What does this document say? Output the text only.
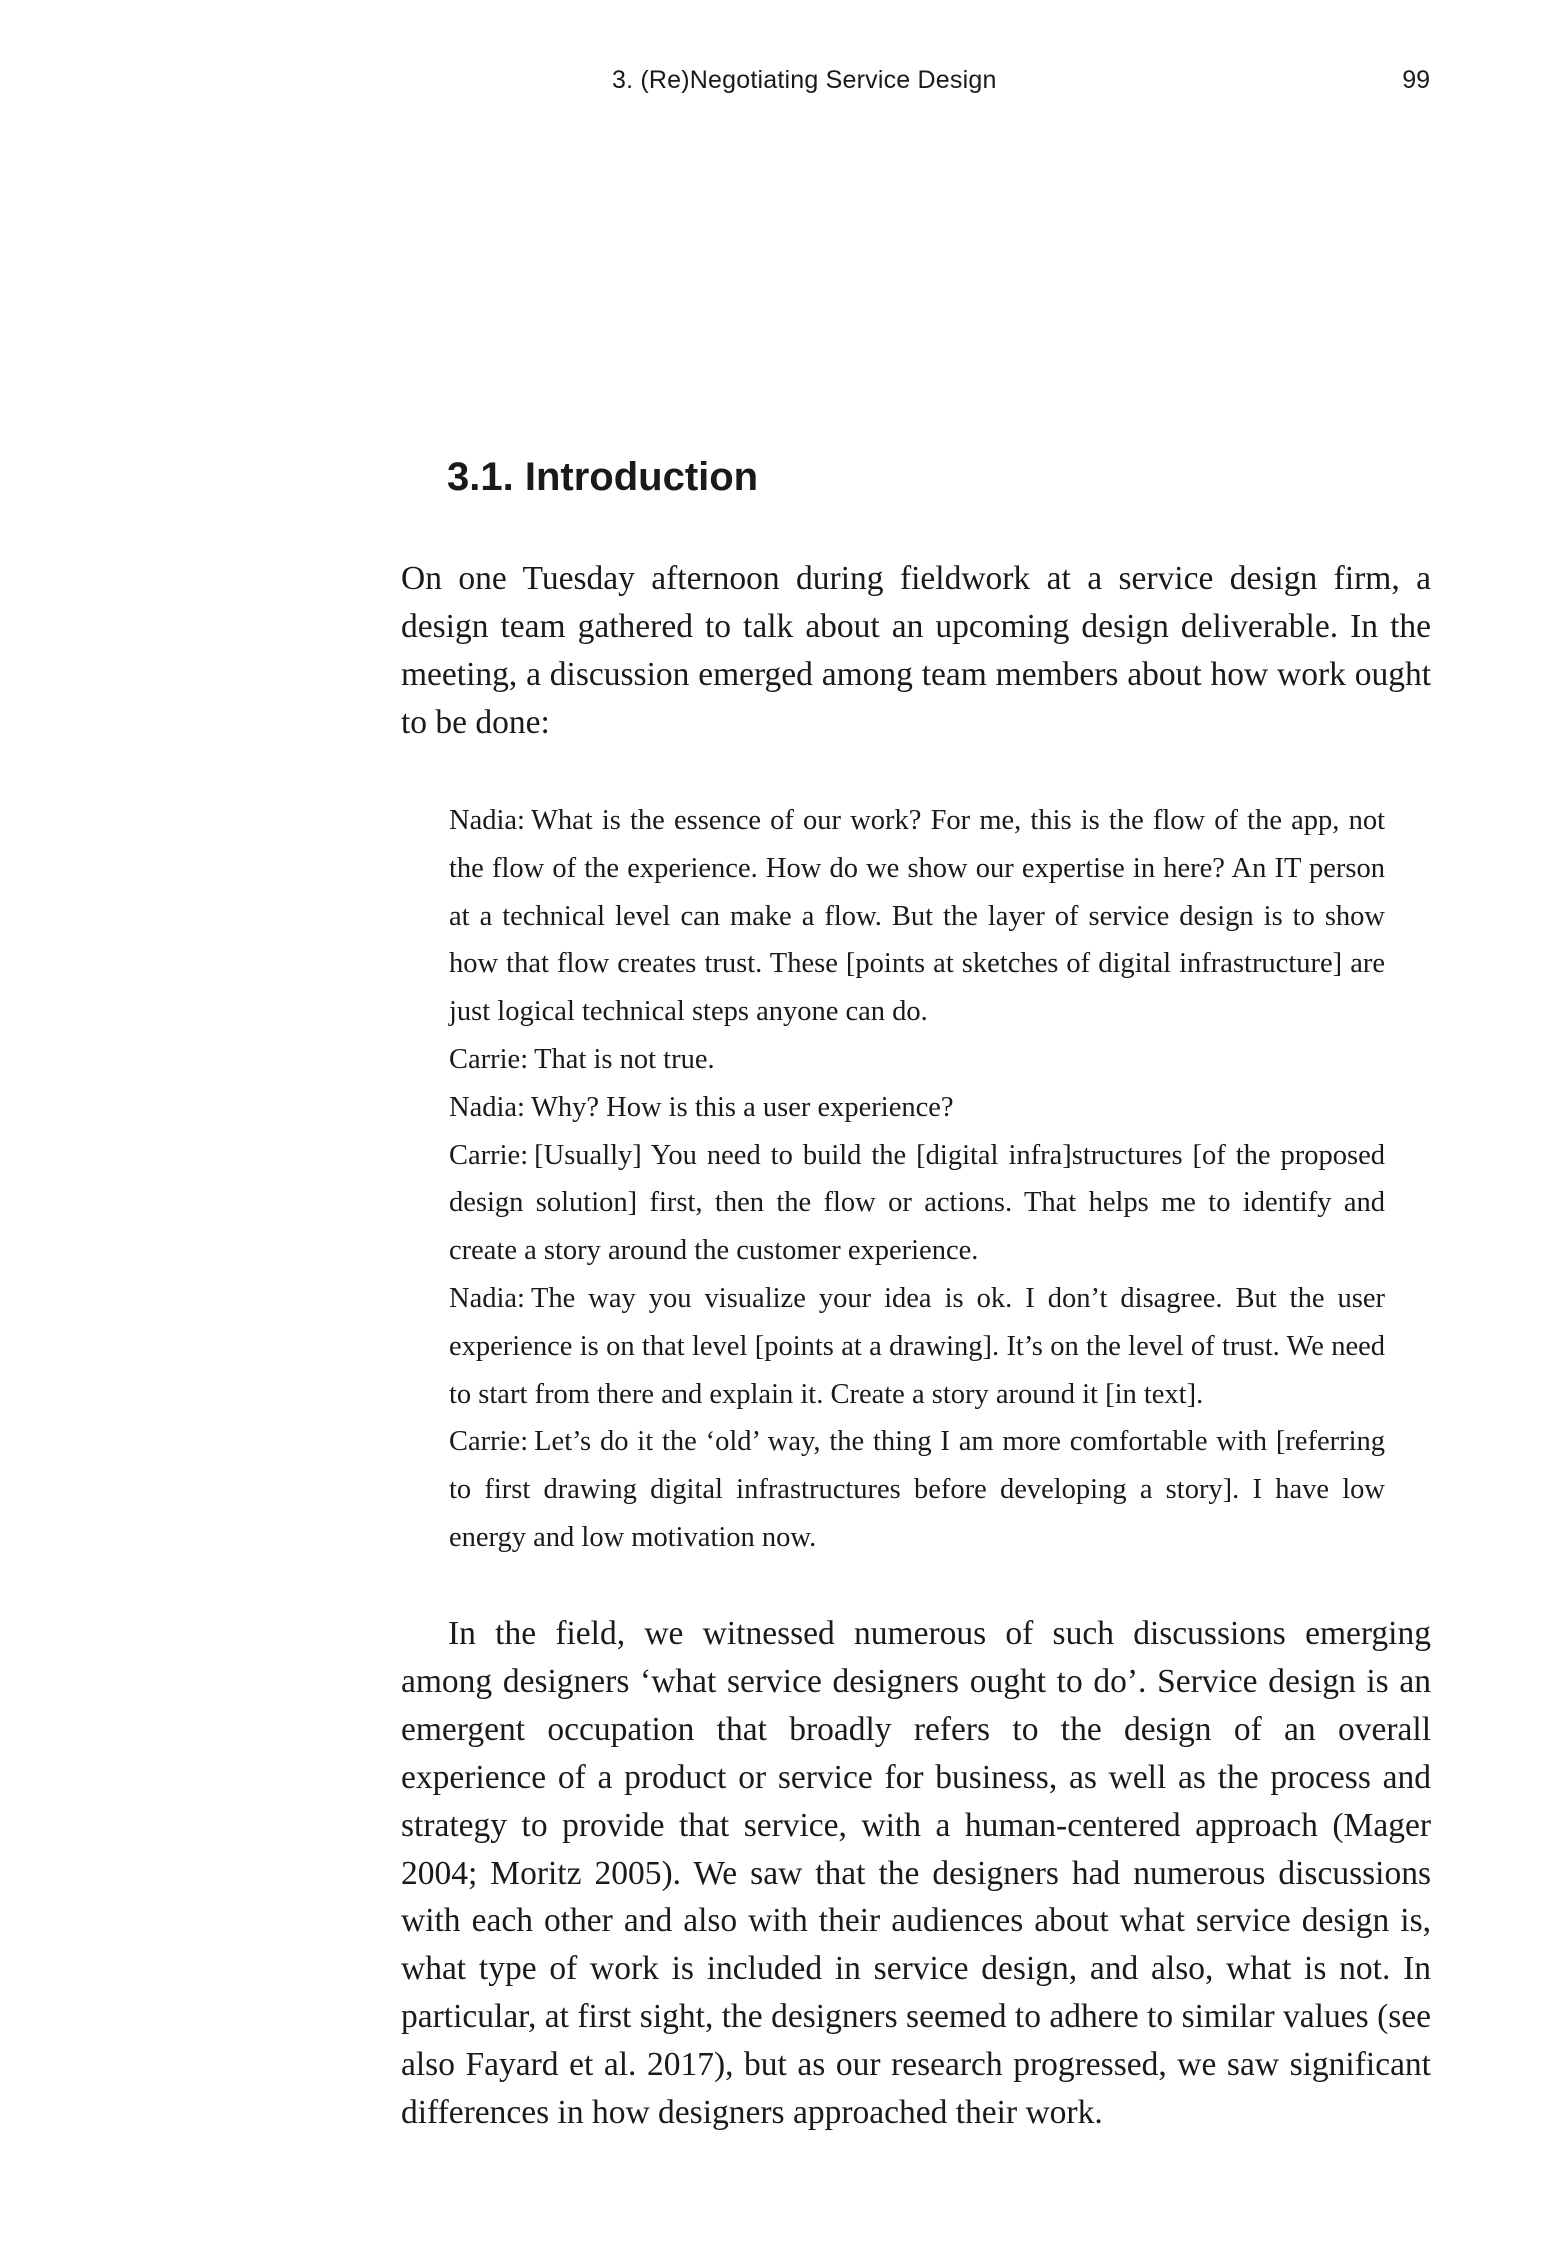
3. (Re)Negotiating Service Design	99
3.1. Introduction

On one Tuesday afternoon during fieldwork at a service design firm, a design team gathered to talk about an upcoming design deliverable. In the meeting, a discussion emerged among team members about how work ought to be done:

Nadia: What is the essence of our work? For me, this is the flow of the app, not the flow of the experience. How do we show our expertise in here? An IT person at a technical level can make a flow. But the layer of service design is to show how that flow creates trust. These [points at sketches of digital infrastructure] are just logical technical steps anyone can do.

Carrie: That is not true.

Nadia: Why? How is this a user experience?

Carrie: [Usually] You need to build the [digital infra]structures [of the proposed design solution] first, then the flow or actions. That helps me to identify and create a story around the customer experience.

Nadia: The way you visualize your idea is ok. I don’t disagree. But the user experience is on that level [points at a drawing]. It’s on the level of trust. We need to start from there and explain it. Create a story around it [in text].

Carrie: Let’s do it the ‘old’ way, the thing I am more comfortable with [referring to first drawing digital infrastructures before developing a story]. I have low energy and low motivation now.

In the field, we witnessed numerous of such discussions emerging among designers ‘what service designers ought to do’. Service design is an emergent occupation that broadly refers to the design of an overall experience of a product or service for business, as well as the process and strategy to provide that service, with a human-centered approach (Mager 2004; Moritz 2005). We saw that the designers had numerous discussions with each other and also with their audiences about what service design is, what type of work is included in service design, and also, what is not. In particular, at first sight, the designers seemed to adhere to similar values (see also Fayard et al. 2017), but as our research progressed, we saw significant differences in how designers approached their work.
